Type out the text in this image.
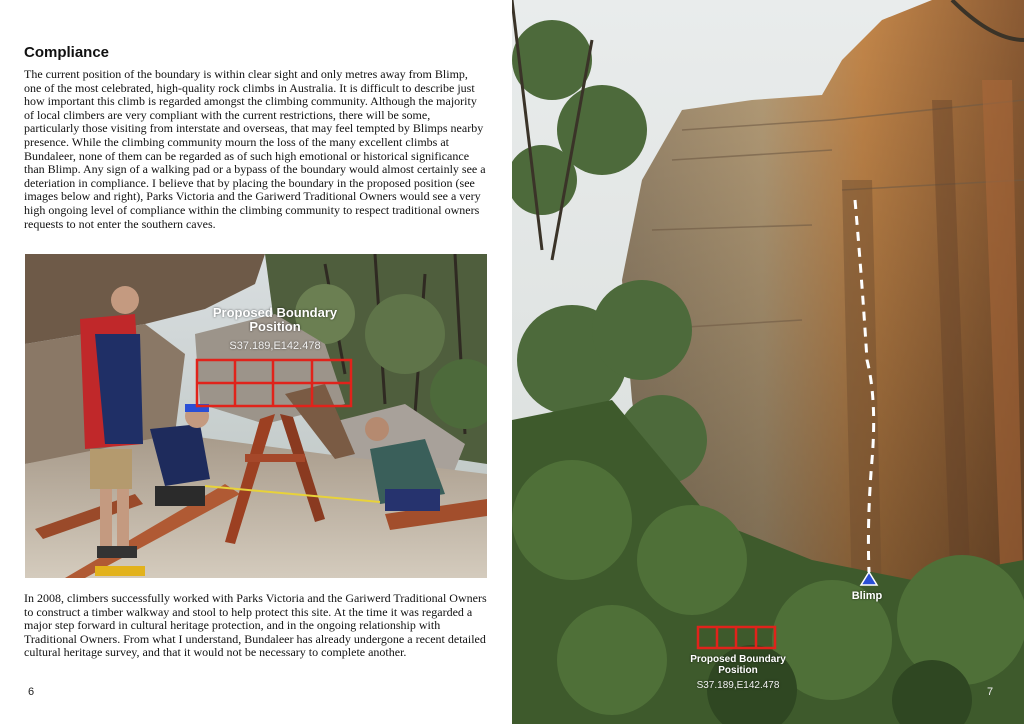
Compliance

The current position of the boundary is within clear sight and only metres away from Blimp, one of the most celebrated, high-quality rock climbs in Australia. It is difficult to describe just how important this climb is regarded amongst the climbing community. Although the majority of local climbers are very compliant with the current restrictions, there will be some, particularly those visiting from interstate and overseas, that may feel tempted by Blimps nearby presence. While the climbing community mourn the loss of the many excellent climbs at Bundaleer, none of them can be regarded as of such high emotional or historical significance than Blimp. Any sign of a walking pad or a bypass of the boundary would almost certainly see a deteriation in compliance. I believe that by placing the boundary in the proposed position (see images below and right), Parks Victoria and the Gariwerd Traditional Owners would see a very high ongoing level of compliance within the climbing community to respect traditional owners requests to not enter the southern caves.

Proposed Boundary
Position
S37.189,E142.478

In 2008, climbers successfully worked with Parks Victoria and the Gariwerd Traditional Owners to construct a timber walkway and stool to help protect this site. At the time it was regarded a major step forward in cultural heritage protection, and in the ongoing relationship with Traditional Owners. From what I understand, Bundaleer has already undergone a recent detailed cultural heritage survey, and that it would not be necessary to complete another.

6
Blimp
Proposed Boundary
Position
S37.189,E142.478
7
